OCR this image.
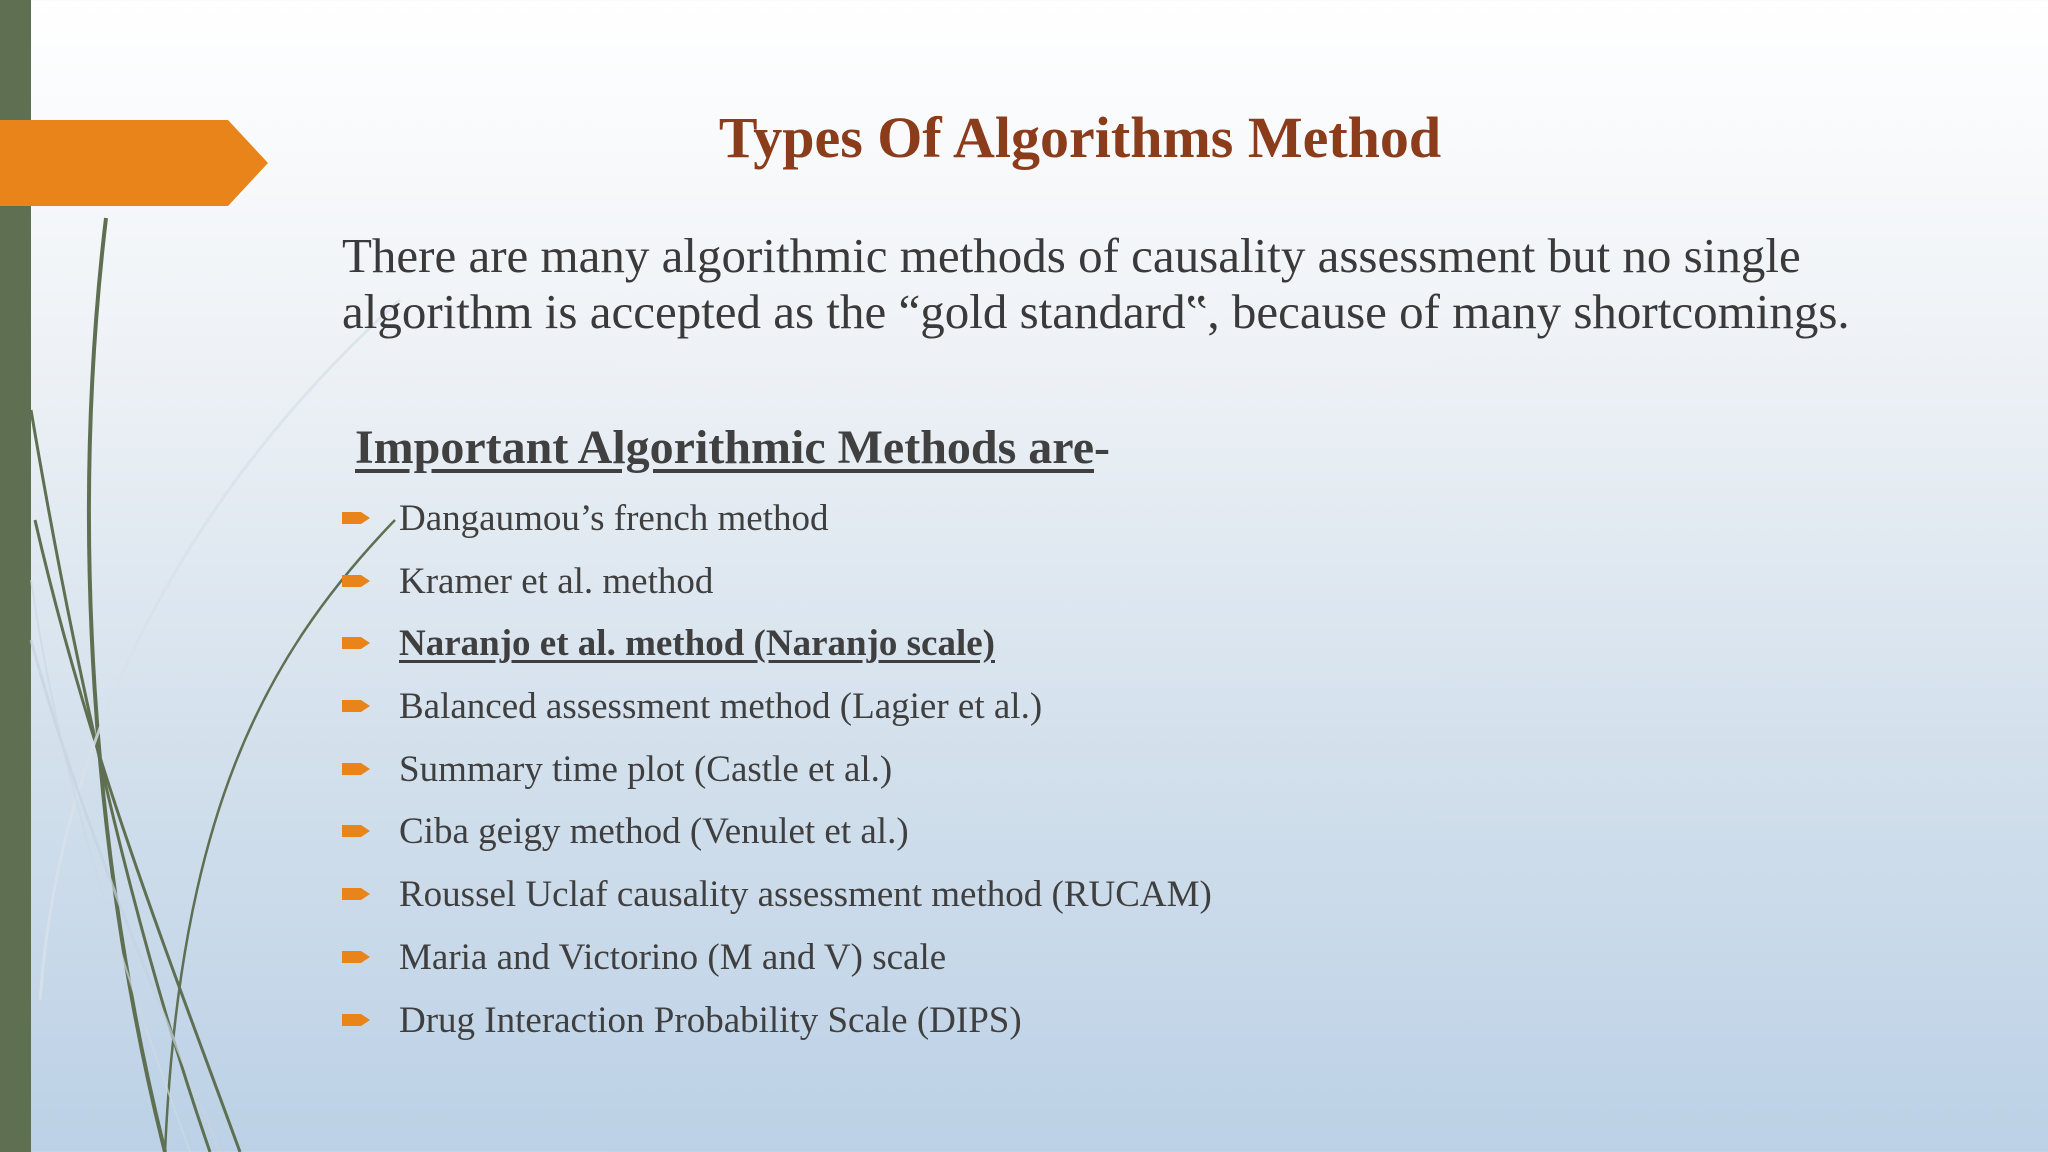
Types Of Algorithms Method
There are many algorithmic methods of causality assessment but no single algorithm is accepted as the “gold standard‟, because of many shortcomings.
Important Algorithmic Methods are-
Dangaumou’s french method
Kramer et al. method
Naranjo et al. method (Naranjo scale)
Balanced assessment method (Lagier et al.)
Summary time plot (Castle et al.)
Ciba geigy method (Venulet et al.)
Roussel Uclaf causality assessment method (RUCAM)
Maria and Victorino (M and V) scale
Drug Interaction Probability Scale (DIPS)
